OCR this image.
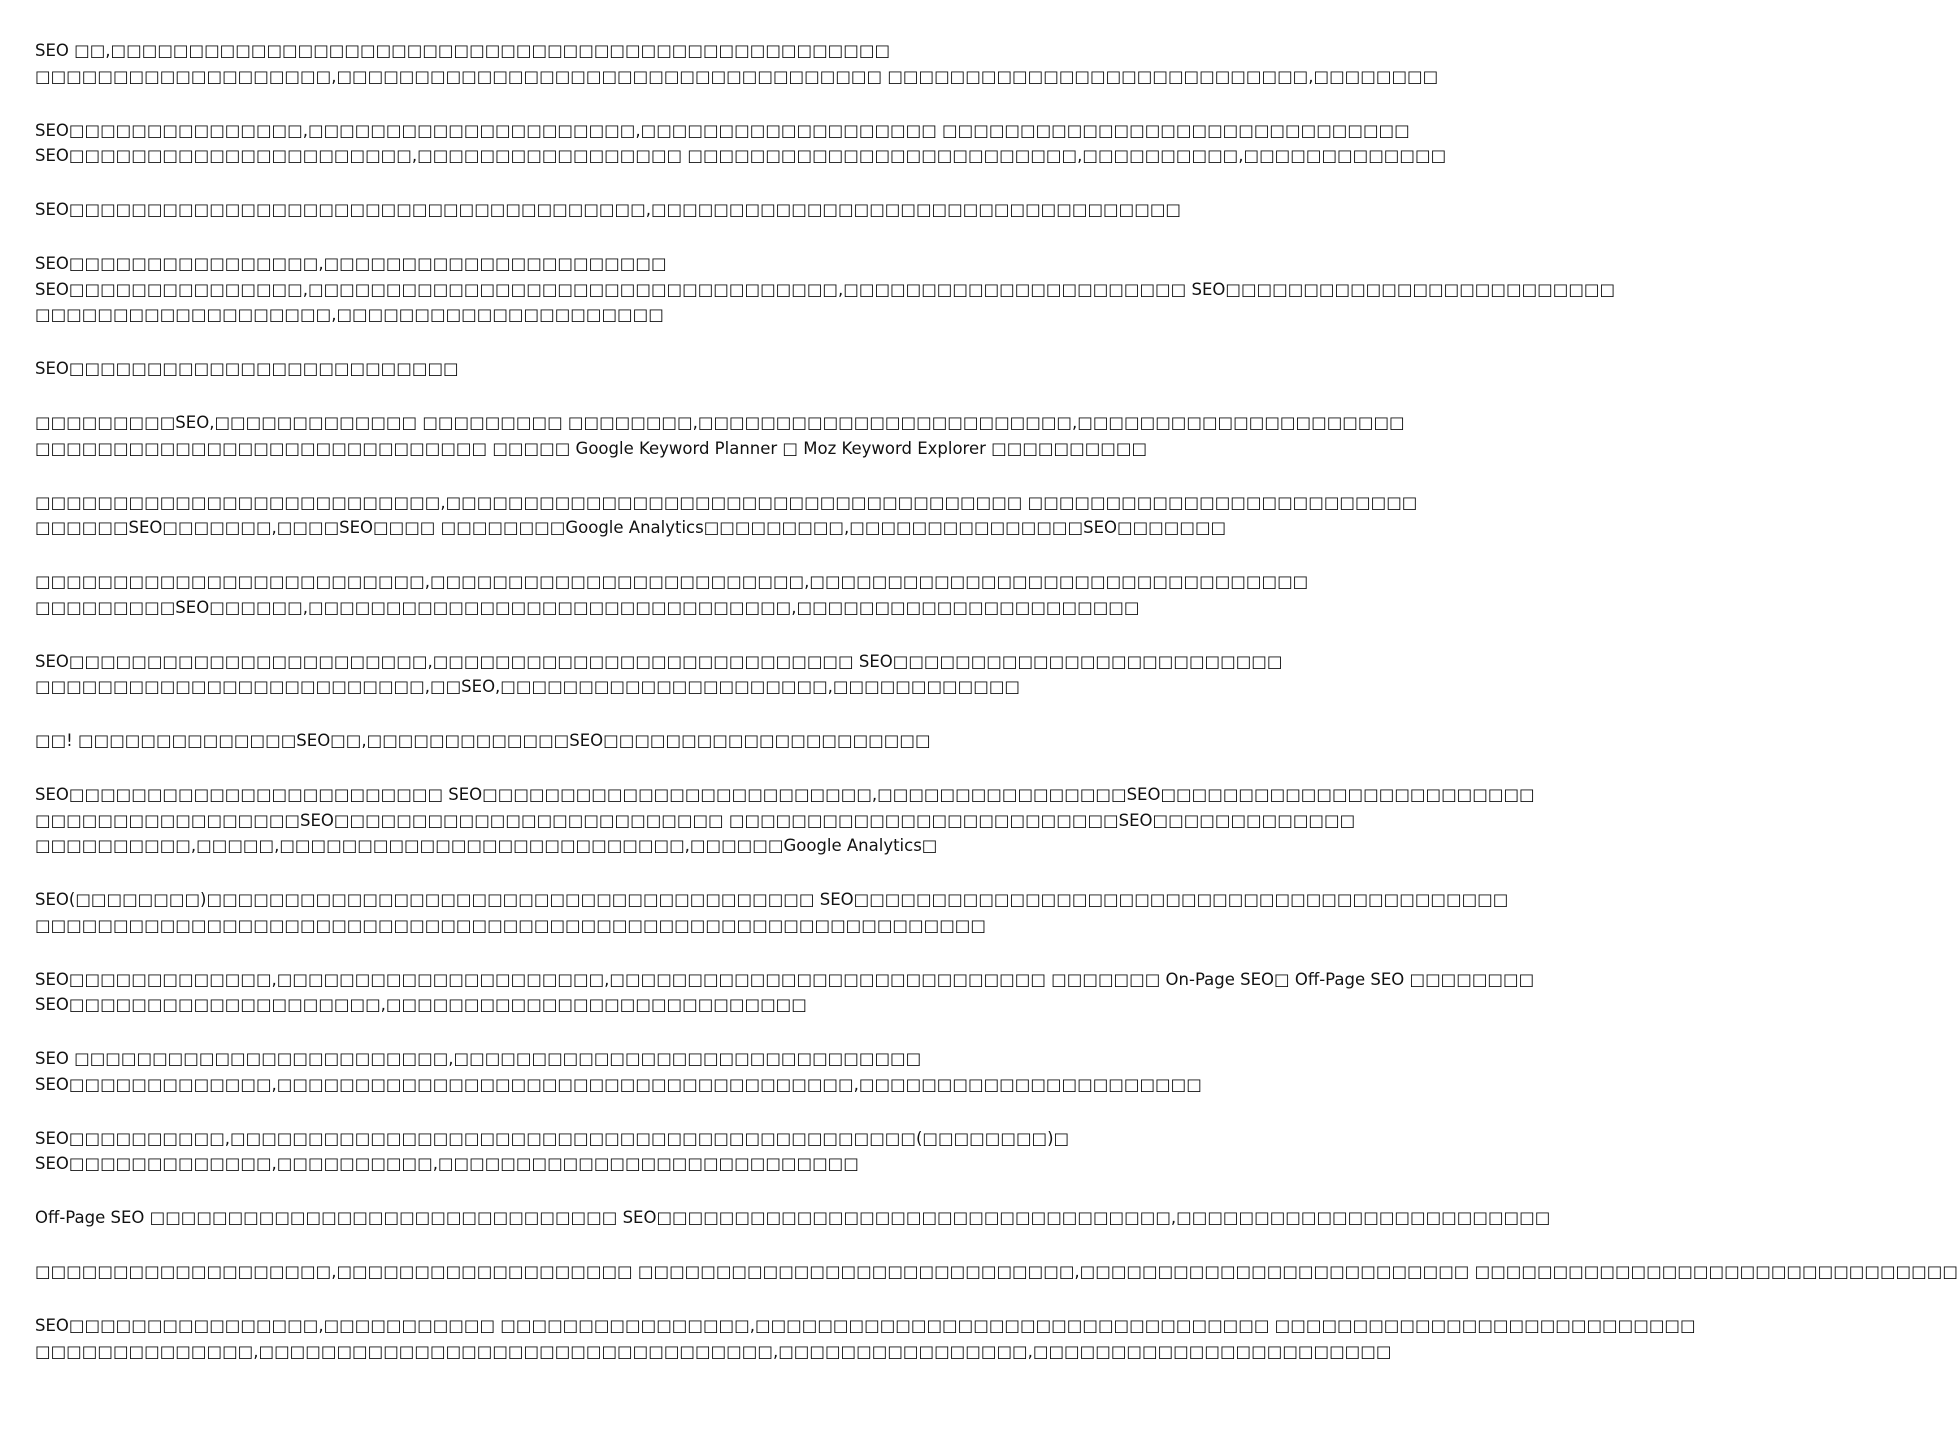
SEO □□,□□□□□□□□□□□□□□□□□□□□□□□□□□□□□□□□□□□□□□□□□□□□□□□□□□
□□□□□□□□□□□□□□□□□□□,□□□□□□□□□□□□□□□□□□□□□□□□□□□□□□□□□□□ □□□□□□□□□□□□□□□□□□□□□□□□□□□,□□□□□□□□
SEO□□□□□□□□□□□□□□□,□□□□□□□□□□□□□□□□□□□□□,□□□□□□□□□□□□□□□□□□□ □□□□□□□□□□□□□□□□□□□□□□□□□□□□□□
SEO□□□□□□□□□□□□□□□□□□□□□□,□□□□□□□□□□□□□□□□□ □□□□□□□□□□□□□□□□□□□□□□□□□,□□□□□□□□□□,□□□□□□□□□□□□□
SEO□□□□□□□□□□□□□□□□□□□□□□□□□□□□□□□□□□□□□,□□□□□□□□□□□□□□□□□□□□□□□□□□□□□□□□□□
SEO□□□□□□□□□□□□□□□□,□□□□□□□□□□□□□□□□□□□□□□
SEO□□□□□□□□□□□□□□□,□□□□□□□□□□□□□□□□□□□□□□□□□□□□□□□□□□,□□□□□□□□□□□□□□□□□□□□□□ SEO□□□□□□□□□□□□□□□□□□□□□□□□□
□□□□□□□□□□□□□□□□□□□,□□□□□□□□□□□□□□□□□□□□□
SEO□□□□□□□□□□□□□□□□□□□□□□□□□
□□□□□□□□□SEO,□□□□□□□□□□□□□ □□□□□□□□□ □□□□□□□□,□□□□□□□□□□□□□□□□□□□□□□□□,□□□□□□□□□□□□□□□□□□□□□
□□□□□□□□□□□□□□□□□□□□□□□□□□□□□ □□□□□ Google Keyword Planner □ Moz Keyword Explorer □□□□□□□□□□
□□□□□□□□□□□□□□□□□□□□□□□□□□,□□□□□□□□□□□□□□□□□□□□□□□□□□□□□□□□□□□□□ □□□□□□□□□□□□□□□□□□□□□□□□□
□□□□□□SEO□□□□□□□,□□□□SEO□□□□ □□□□□□□□Google Analytics□□□□□□□□□,□□□□□□□□□□□□□□□SEO□□□□□□□
□□□□□□□□□□□□□□□□□□□□□□□□□,□□□□□□□□□□□□□□□□□□□□□□□□,□□□□□□□□□□□□□□□□□□□□□□□□□□□□□□□□
□□□□□□□□□SEO□□□□□□,□□□□□□□□□□□□□□□□□□□□□□□□□□□□□□□,□□□□□□□□□□□□□□□□□□□□□□
SEO□□□□□□□□□□□□□□□□□□□□□□□,□□□□□□□□□□□□□□□□□□□□□□□□□□□ SEO□□□□□□□□□□□□□□□□□□□□□□□□□
□□□□□□□□□□□□□□□□□□□□□□□□□,□□SEO,□□□□□□□□□□□□□□□□□□□□□,□□□□□□□□□□□□
□□! □□□□□□□□□□□□□□SEO□□,□□□□□□□□□□□□□SEO□□□□□□□□□□□□□□□□□□□□□
SEO□□□□□□□□□□□□□□□□□□□□□□□□ SEO□□□□□□□□□□□□□□□□□□□□□□□□□,□□□□□□□□□□□□□□□□SEO□□□□□□□□□□□□□□□□□□□□□□□□
□□□□□□□□□□□□□□□□□SEO□□□□□□□□□□□□□□□□□□□□□□□□□ □□□□□□□□□□□□□□□□□□□□□□□□□SEO□□□□□□□□□□□□□
□□□□□□□□□□,□□□□□,□□□□□□□□□□□□□□□□□□□□□□□□□□,□□□□□□Google Analytics□
SEO(□□□□□□□□)□□□□□□□□□□□□□□□□□□□□□□□□□□□□□□□□□□□□□□□ SEO□□□□□□□□□□□□□□□□□□□□□□□□□□□□□□□□□□□□□□□□□□
□□□□□□□□□□□□□□□□□□□□□□□□□□□□□□□□□□□□□□□□□□□□□□□□□□□□□□□□□□□□□
SEO□□□□□□□□□□□□□,□□□□□□□□□□□□□□□□□□□□□,□□□□□□□□□□□□□□□□□□□□□□□□□□□□ □□□□□□□ On-Page SEO□ Off-Page SEO □□□□□□□□
SEO□□□□□□□□□□□□□□□□□□□□,□□□□□□□□□□□□□□□□□□□□□□□□□□□
SEO □□□□□□□□□□□□□□□□□□□□□□□□,□□□□□□□□□□□□□□□□□□□□□□□□□□□□□□
SEO□□□□□□□□□□□□□,□□□□□□□□□□□□□□□□□□□□□□□□□□□□□□□□□□□□□,□□□□□□□□□□□□□□□□□□□□□□
SEO□□□□□□□□□□,□□□□□□□□□□□□□□□□□□□□□□□□□□□□□□□□□□□□□□□□□□□□(□□□□□□□□)□
SEO□□□□□□□□□□□□□,□□□□□□□□□□,□□□□□□□□□□□□□□□□□□□□□□□□□□□
Off-Page SEO □□□□□□□□□□□□□□□□□□□□□□□□□□□□□□ SEO□□□□□□□□□□□□□□□□□□□□□□□□□□□□□□□□□,□□□□□□□□□□□□□□□□□□□□□□□□
□□□□□□□□□□□□□□□□□□□,□□□□□□□□□□□□□□□□□□□ □□□□□□□□□□□□□□□□□□□□□□□□□□□□,□□□□□□□□□□□□□□□□□□□□□□□□□ □□□□□□□□□□□□□□□□□□□□□□□□□□□□□□□
SEO□□□□□□□□□□□□□□□□,□□□□□□□□□□□ □□□□□□□□□□□□□□□□,□□□□□□□□□□□□□□□□□□□□□□□□□□□□□□□□□ □□□□□□□□□□□□□□□□□□□□□□□□□□□
□□□□□□□□□□□□□□,□□□□□□□□□□□□□□□□□□□□□□□□□□□□□□□□□,□□□□□□□□□□□□□□□□,□□□□□□□□□□□□□□□□□□□□□□□
